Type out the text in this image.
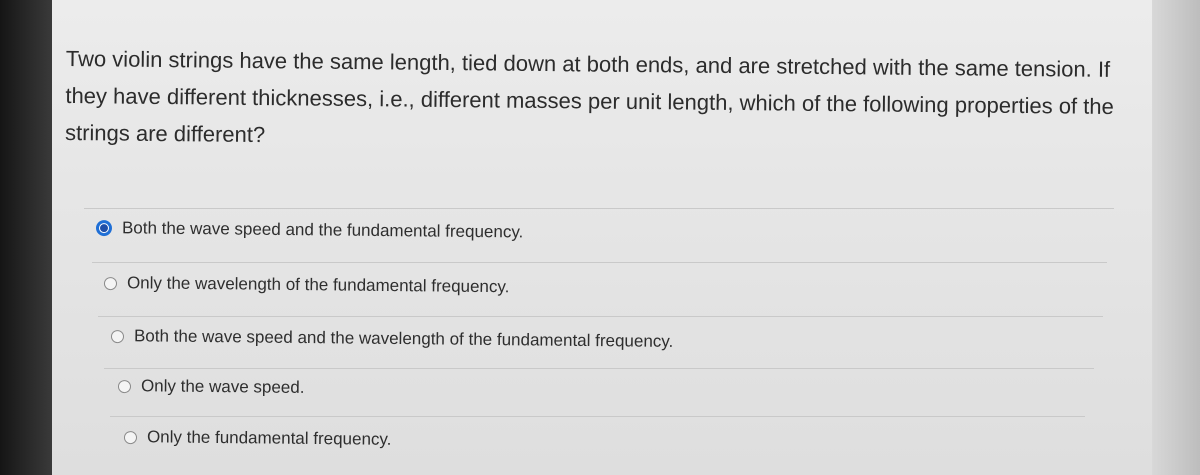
Two violin strings have the same length, tied down at both ends, and are stretched with the same tension. If they have different thicknesses, i.e., different masses per unit length, which of the following properties of the strings are different?
Both the wave speed and the fundamental frequency.
Only the wavelength of the fundamental frequency.
Both the wave speed and the wavelength of the fundamental frequency.
Only the wave speed.
Only the fundamental frequency.
